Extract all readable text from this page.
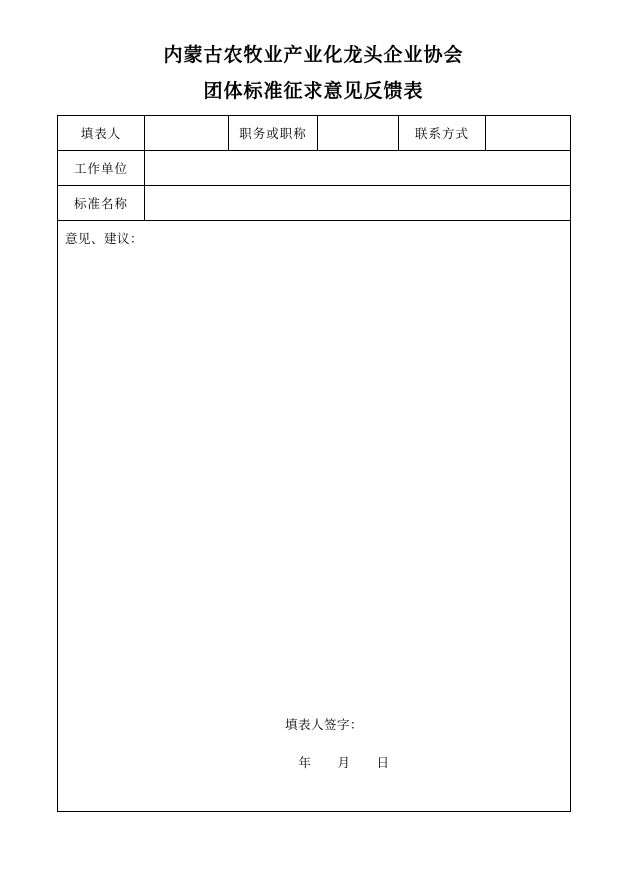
内蒙古农牧业产业化龙头企业协会
团体标准征求意见反馈表
填表人		职务或职称		联系方式	
工作单位					
标准名称					

意见、建议：
填表人签字：
年 月 日					
